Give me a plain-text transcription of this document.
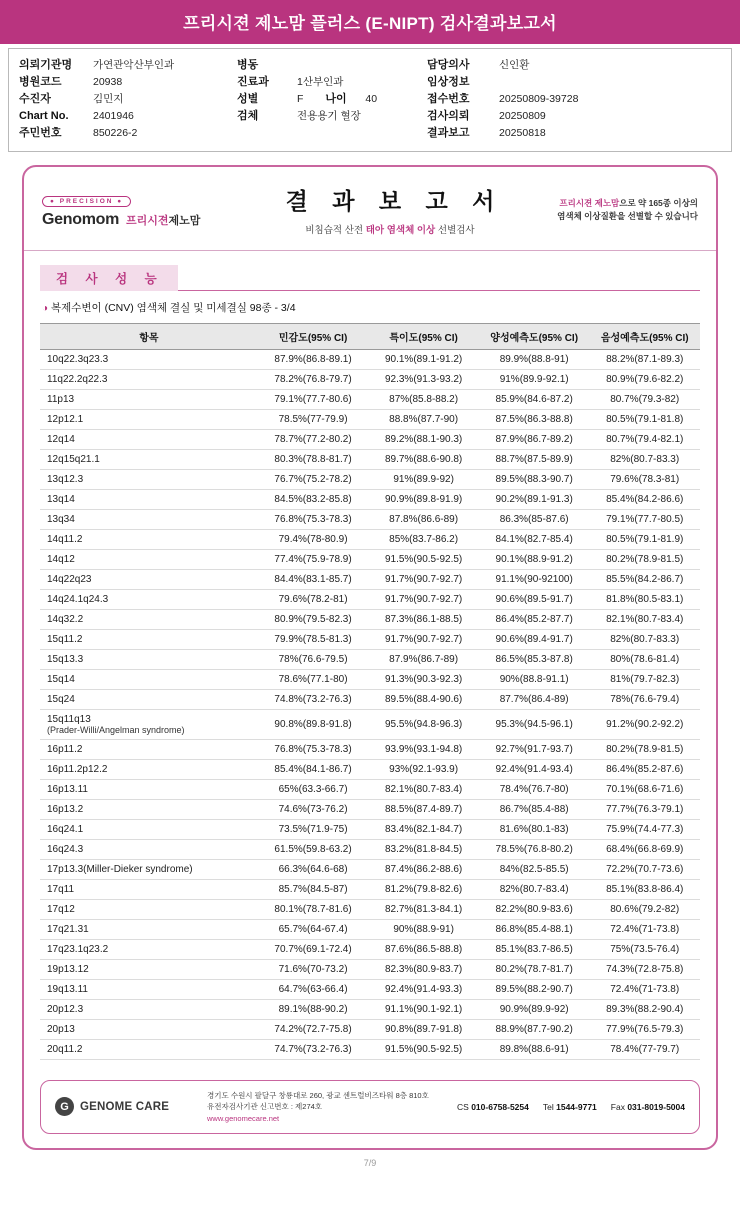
프리시젼 제노맘 플러스 (E-NIPT) 검사결과보고서
의뢰기관명	가연관악산부인과
병원코드	20938
수진자	김민지
Chart No.	2401946
주민번호	850226-2
병동
진료과	1산부인과
성별	F	나이	40
검체	전용용기 혈장
담당의사	신인환
임상정보
접수번호	20250809-39728
검사의뢰	20250809
결과보고	20250818
● PRECISION ●
Genomom 프리시젼제노맘
결 과 보 고 서
비침습적 산전 태아 염색체 이상 선별검사
프리시젼 제노맘으로 약 165종 이상의
염색체 이상질환을 선별할 수 있습니다
검 사 성 능
◑ 복제수변이 (CNV) 염색체 결실 및 미세결실 98종 - 3/4
항목	민감도(95% CI)	특이도(95% CI)	양성예측도(95% CI)	음성예측도(95% CI)
10q22.3q23.3	87.9%(86.8-89.1)	90.1%(89.1-91.2)	89.9%(88.8-91)	88.2%(87.1-89.3)
11q22.2q22.3	78.2%(76.8-79.7)	92.3%(91.3-93.2)	91%(89.9-92.1)	80.9%(79.6-82.2)
11p13	79.1%(77.7-80.6)	87%(85.8-88.2)	85.9%(84.6-87.2)	80.7%(79.3-82)
12p12.1	78.5%(77-79.9)	88.8%(87.7-90)	87.5%(86.3-88.8)	80.5%(79.1-81.8)
12q14	78.7%(77.2-80.2)	89.2%(88.1-90.3)	87.9%(86.7-89.2)	80.7%(79.4-82.1)
12q15q21.1	80.3%(78.8-81.7)	89.7%(88.6-90.8)	88.7%(87.5-89.9)	82%(80.7-83.3)
13q12.3	76.7%(75.2-78.2)	91%(89.9-92)	89.5%(88.3-90.7)	79.6%(78.3-81)
13q14	84.5%(83.2-85.8)	90.9%(89.8-91.9)	90.2%(89.1-91.3)	85.4%(84.2-86.6)
13q34	76.8%(75.3-78.3)	87.8%(86.6-89)	86.3%(85-87.6)	79.1%(77.7-80.5)
14q11.2	79.4%(78-80.9)	85%(83.7-86.2)	84.1%(82.7-85.4)	80.5%(79.1-81.9)
14q12	77.4%(75.9-78.9)	91.5%(90.5-92.5)	90.1%(88.9-91.2)	80.2%(78.9-81.5)
14q22q23	84.4%(83.1-85.7)	91.7%(90.7-92.7)	91.1%(90-92100)	85.5%(84.2-86.7)
14q24.1q24.3	79.6%(78.2-81)	91.7%(90.7-92.7)	90.6%(89.5-91.7)	81.8%(80.5-83.1)
14q32.2	80.9%(79.5-82.3)	87.3%(86.1-88.5)	86.4%(85.2-87.7)	82.1%(80.7-83.4)
15q11.2	79.9%(78.5-81.3)	91.7%(90.7-92.7)	90.6%(89.4-91.7)	82%(80.7-83.3)
15q13.3	78%(76.6-79.5)	87.9%(86.7-89)	86.5%(85.3-87.8)	80%(78.6-81.4)
15q14	78.6%(77.1-80)	91.3%(90.3-92.3)	90%(88.8-91.1)	81%(79.7-82.3)
15q24	74.8%(73.2-76.3)	89.5%(88.4-90.6)	87.7%(86.4-89)	78%(76.6-79.4)
15q11q13
(Prader-Willi/Angelman syndrome)	90.8%(89.8-91.8)	95.5%(94.8-96.3)	95.3%(94.5-96.1)	91.2%(90.2-92.2)
16p11.2	76.8%(75.3-78.3)	93.9%(93.1-94.8)	92.7%(91.7-93.7)	80.2%(78.9-81.5)
16p11.2p12.2	85.4%(84.1-86.7)	93%(92.1-93.9)	92.4%(91.4-93.4)	86.4%(85.2-87.6)
16p13.11	65%(63.3-66.7)	82.1%(80.7-83.4)	78.4%(76.7-80)	70.1%(68.6-71.6)
16p13.2	74.6%(73-76.2)	88.5%(87.4-89.7)	86.7%(85.4-88)	77.7%(76.3-79.1)
16q24.1	73.5%(71.9-75)	83.4%(82.1-84.7)	81.6%(80.1-83)	75.9%(74.4-77.3)
16q24.3	61.5%(59.8-63.2)	83.2%(81.8-84.5)	78.5%(76.8-80.2)	68.4%(66.8-69.9)
17p13.3(Miller-Dieker syndrome)	66.3%(64.6-68)	87.4%(86.2-88.6)	84%(82.5-85.5)	72.2%(70.7-73.6)
17q11	85.7%(84.5-87)	81.2%(79.8-82.6)	82%(80.7-83.4)	85.1%(83.8-86.4)
17q12	80.1%(78.7-81.6)	82.7%(81.3-84.1)	82.2%(80.9-83.6)	80.6%(79.2-82)
17q21.31	65.7%(64-67.4)	90%(88.9-91)	86.8%(85.4-88.1)	72.4%(71-73.8)
17q23.1q23.2	70.7%(69.1-72.4)	87.6%(86.5-88.8)	85.1%(83.7-86.5)	75%(73.5-76.4)
19p13.12	71.6%(70-73.2)	82.3%(80.9-83.7)	80.2%(78.7-81.7)	74.3%(72.8-75.8)
19q13.11	64.7%(63-66.4)	92.4%(91.4-93.3)	89.5%(88.2-90.7)	72.4%(71-73.8)
20p12.3	89.1%(88-90.2)	91.1%(90.1-92.1)	90.9%(89.9-92)	89.3%(88.2-90.4)
20p13	74.2%(72.7-75.8)	90.8%(89.7-91.8)	88.9%(87.7-90.2)	77.9%(76.5-79.3)
20q11.2	74.7%(73.2-76.3)	91.5%(90.5-92.5)	89.8%(88.6-91)	78.4%(77-79.7)
G GENOME CARE
경기도 수원시 팔달구 창룡대로 260, 광교 센트럴비즈타워 8층 810호
유전자검사기관 신고번호 : 제274호
www.genomecare.net
CS 010-6758-5254 Tel 1544-9771 Fax 031-8019-5004
7/9
